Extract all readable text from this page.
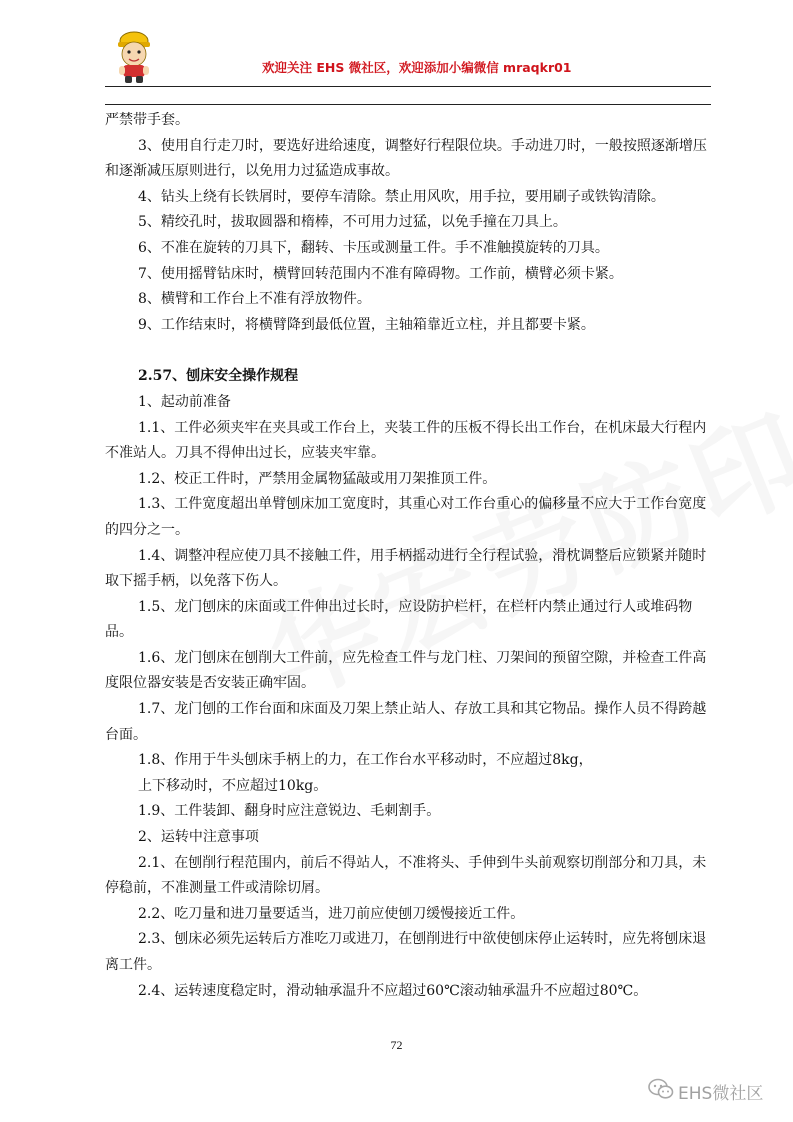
欢迎关注 EHS 微社区，欢迎添加小编微信 mraqkr01

严禁带手套。

3、使用自行走刀时，要选好进给速度，调整好行程限位块。手动进刀时，一般按照逐渐增压和逐渐减压原则进行，以免用力过猛造成事故。

4、钻头上绕有长铁屑时，要停车清除。禁止用风吹，用手拉，要用刷子或铁钩清除。

5、精绞孔时，拔取圆器和楕棒，不可用力过猛，以免手撞在刀具上。

6、不准在旋转的刀具下，翻转、卡压或测量工件。手不准触摸旋转的刀具。

7、使用摇臂钻床时，横臂回转范围内不准有障碍物。工作前，横臂必须卡紧。

8、横臂和工作台上不准有浮放物件。

9、工作结束时，将横臂降到最低位置，主轴箱靠近立柱，并且都要卡紧。

2.57、刨床安全操作规程

1、起动前准备

1.1、工件必须夹牢在夹具或工作台上，夹装工件的压板不得长出工作台，在机床最大行程内不准站人。刀具不得伸出过长，应装夹牢靠。

1.2、校正工件时，严禁用金属物猛敲或用刀架推顶工件。

1.3、工件宽度超出单臂刨床加工宽度时，其重心对工作台重心的偏移量不应大于工作台宽度的四分之一。

1.4、调整冲程应使刀具不接触工件，用手柄摇动进行全行程试验，滑枕调整后应锁紧并随时取下摇手柄，以免落下伤人。

1.5、龙门刨床的床面或工件伸出过长时，应设防护栏杆，在栏杆内禁止通过行人或堆码物品。

1.6、龙门刨床在刨削大工件前，应先检查工件与龙门柱、刀架间的预留空隙，并检查工件高度限位器安装是否安装正确牢固。

1.7、龙门刨的工作台面和床面及刀架上禁止站人、存放工具和其它物品。操作人员不得跨越台面。

1.8、作用于牛头刨床手柄上的力，在工作台水平移动时，不应超过8kg，

上下移动时，不应超过10kg。

1.9、工件装卸、翻身时应注意锐边、毛刺割手。

2、运转中注意事项

2.1、在刨削行程范围内，前后不得站人，不准将头、手伸到牛头前观察切削部分和刀具，未停稳前，不准测量工件或清除切屑。

2.2、吃刀量和进刀量要适当，进刀前应使刨刀缓慢接近工件。

2.3、刨床必须先运转后方准吃刀或进刀，在刨削进行中欲使刨床停止运转时，应先将刨床退离工件。

2.4、运转速度稳定时，滑动轴承温升不应超过60℃滚动轴承温升不应超过80℃。

72
EHS微社区
